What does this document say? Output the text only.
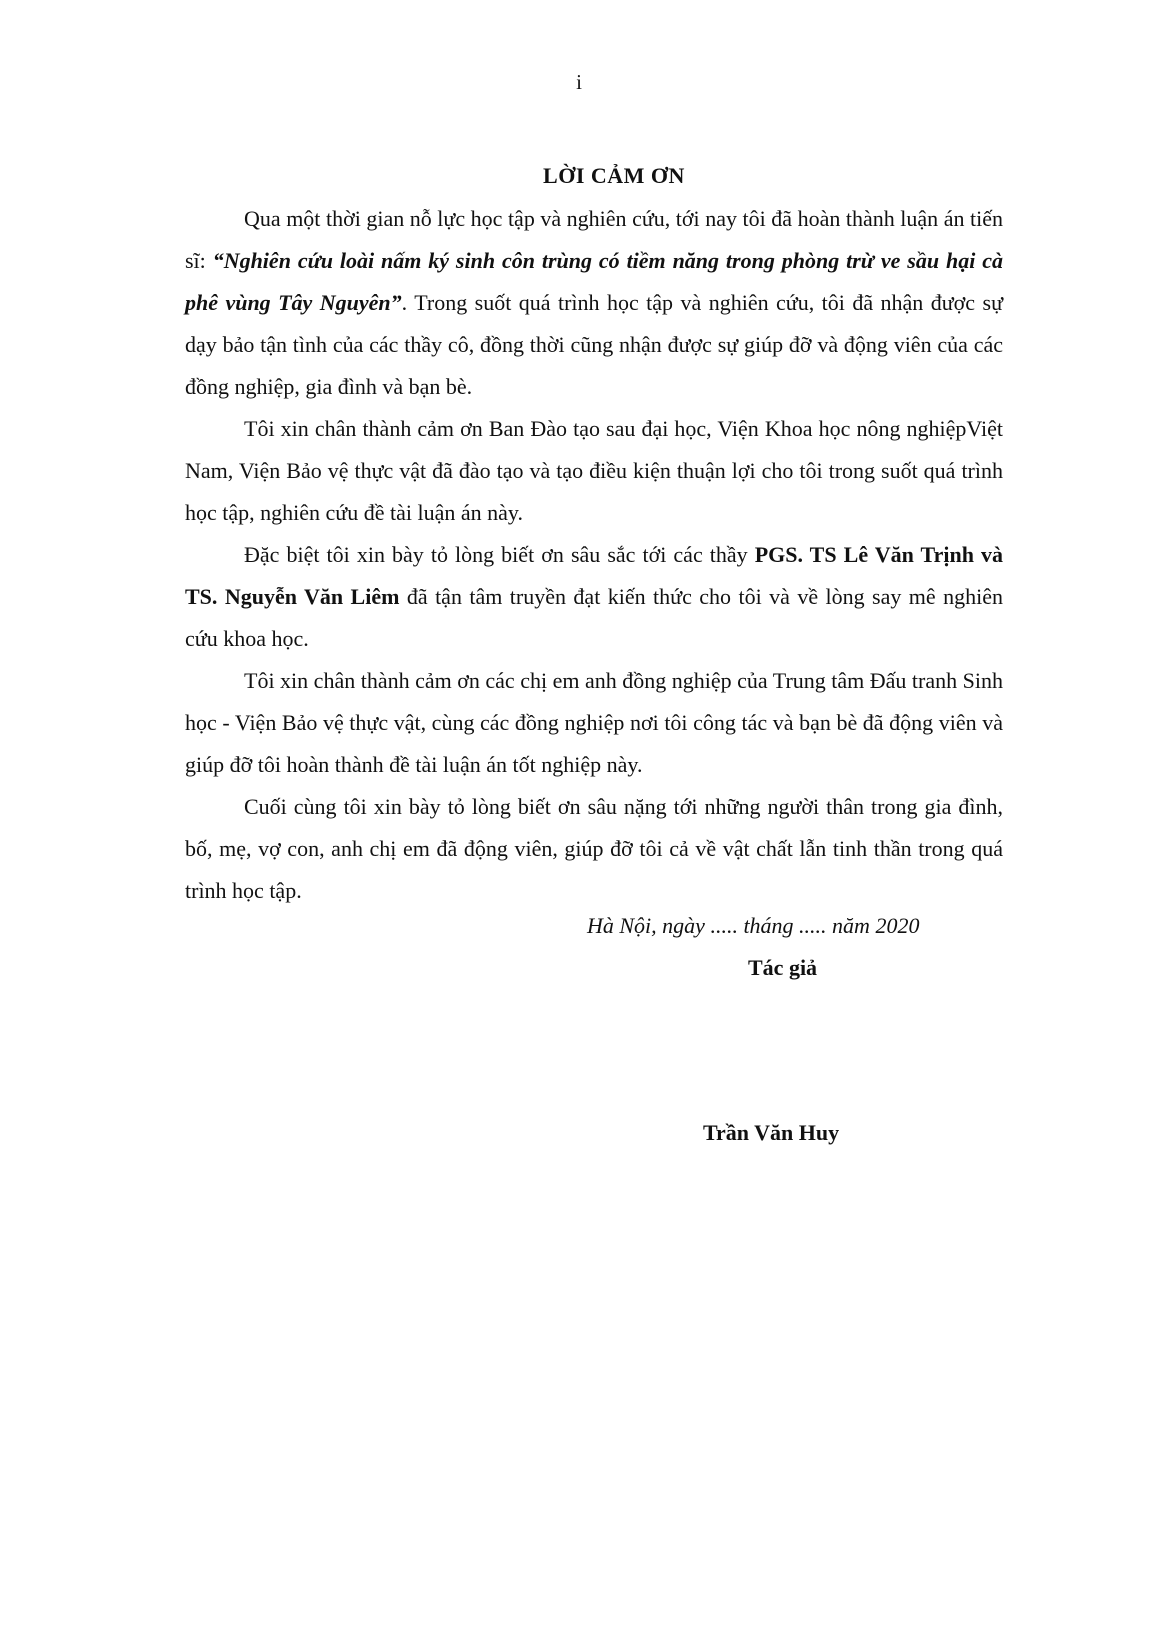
i
LỜI CẢM ƠN

Qua một thời gian nỗ lực học tập và nghiên cứu, tới nay tôi đã hoàn thành luận án tiến sĩ: “Nghiên cứu loài nấm ký sinh côn trùng có tiềm năng trong phòng trừ ve sầu hại cà phê vùng Tây Nguyên”. Trong suốt quá trình học tập và nghiên cứu, tôi đã nhận được sự dạy bảo tận tình của các thầy cô, đồng thời cũng nhận được sự giúp đỡ và động viên của các đồng nghiệp, gia đình và bạn bè.

Tôi xin chân thành cảm ơn Ban Đào tạo sau đại học, Viện Khoa học nông nghiệpViệt Nam, Viện Bảo vệ thực vật đã đào tạo và tạo điều kiện thuận lợi cho tôi trong suốt quá trình học tập, nghiên cứu đề tài luận án này.

Đặc biệt tôi xin bày tỏ lòng biết ơn sâu sắc tới các thầy PGS. TS Lê Văn Trịnh và TS. Nguyễn Văn Liêm đã tận tâm truyền đạt kiến thức cho tôi và về lòng say mê nghiên cứu khoa học.

Tôi xin chân thành cảm ơn các chị em anh đồng nghiệp của Trung tâm Đấu tranh Sinh học - Viện Bảo vệ thực vật, cùng các đồng nghiệp nơi tôi công tác và bạn bè đã động viên và giúp đỡ tôi hoàn thành đề tài luận án tốt nghiệp này.

Cuối cùng tôi xin bày tỏ lòng biết ơn sâu nặng tới những người thân trong gia đình, bố, mẹ, vợ con, anh chị em đã động viên, giúp đỡ tôi cả về vật chất lẫn tinh thần trong quá trình học tập.

Hà Nội, ngày ..... tháng ..... năm 2020
Tác giả
Trần Văn Huy
